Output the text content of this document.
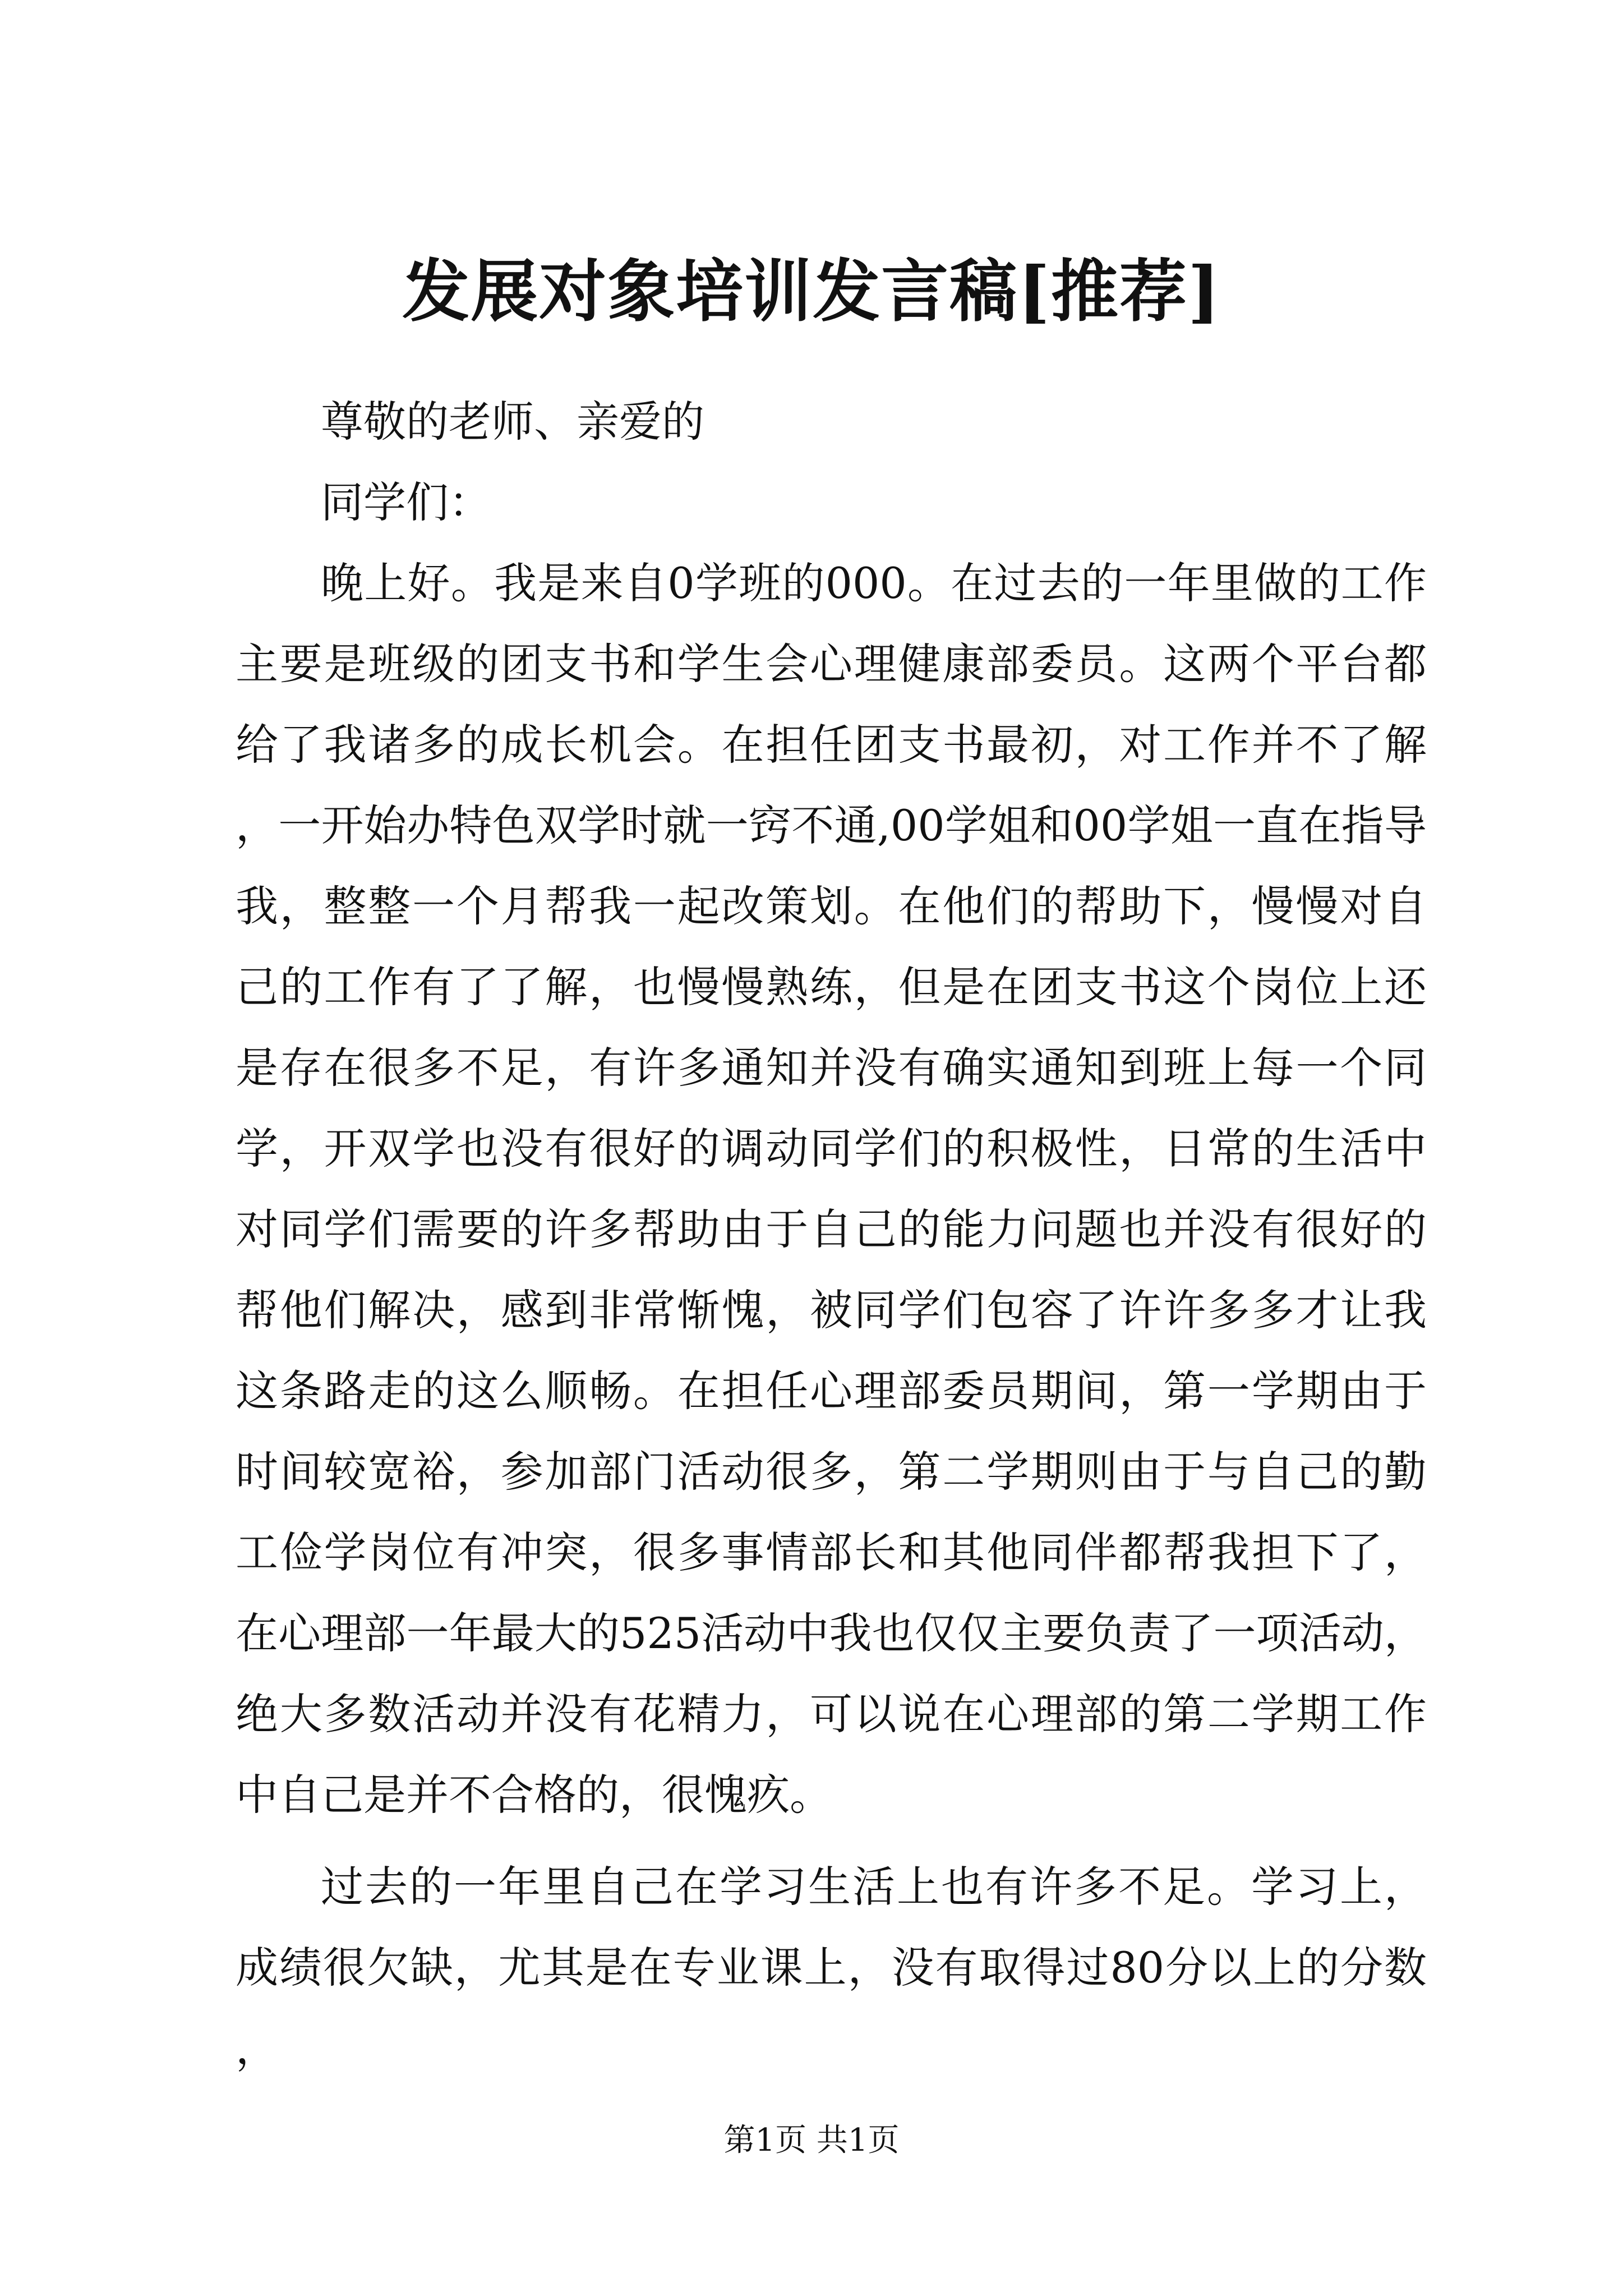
发展对象培训发言稿[推荐]

尊敬的老师、亲爱的

同学们：

晚上好。我是来自0学班的000。在过去的一年里做的工作主要是班级的团支书和学生会心理健康部委员。这两个平台都给了我诸多的成长机会。在担任团支书最初，对工作并不了解，一开始办特色双学时就一窍不通,00学姐和00学姐一直在指导我，整整一个月帮我一起改策划。在他们的帮助下，慢慢对自己的工作有了了解，也慢慢熟练，但是在团支书这个岗位上还是存在很多不足，有许多通知并没有确实通知到班上每一个同学，开双学也没有很好的调动同学们的积极性，日常的生活中对同学们需要的许多帮助由于自己的能力问题也并没有很好的帮他们解决，感到非常惭愧，被同学们包容了许许多多才让我这条路走的这么顺畅。在担任心理部委员期间，第一学期由于时间较宽裕，参加部门活动很多，第二学期则由于与自己的勤工俭学岗位有冲突，很多事情部长和其他同伴都帮我担下了，在心理部一年最大的525活动中我也仅仅主要负责了一项活动，绝大多数活动并没有花精力，可以说在心理部的第二学期工作中自己是并不合格的，很愧疚。

过去的一年里自己在学习生活上也有许多不足。学习上，成绩很欠缺，尤其是在专业课上，没有取得过80分以上的分数，

第1页 共1页
